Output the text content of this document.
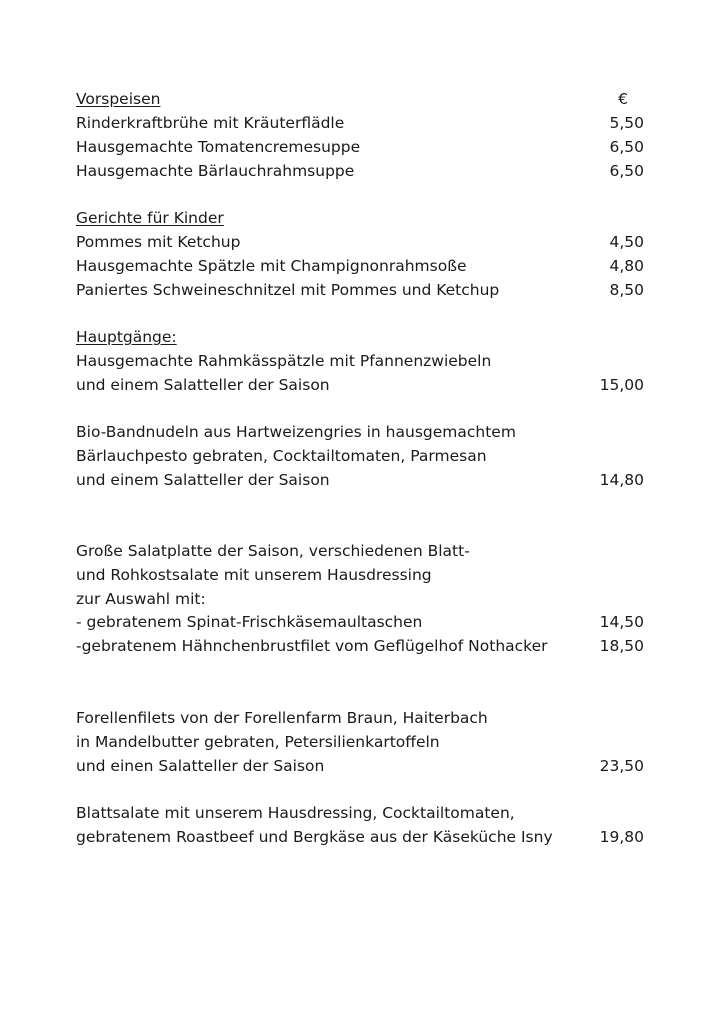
Vorspeisen	€
Rinderkraftbrühe mit Kräuterflädle	5,50
Hausgemachte Tomatencremesuppe	6,50
Hausgemachte Bärlauchrahmsuppe	6,50
Gerichte für Kinder
Pommes mit Ketchup	4,50
Hausgemachte Spätzle mit Champignonrahmsoße	4,80
Paniertes Schweineschnitzel mit Pommes und Ketchup	8,50
Hauptgänge:
Hausgemachte Rahmkässpätzle mit Pfannenzwiebeln
und einem Salatteller der Saison	15,00
Bio-Bandnudeln aus Hartweizengries in hausgemachtem
Bärlauchpesto gebraten, Cocktailtomaten, Parmesan
und einem Salatteller der Saison	14,80
Große Salatplatte der Saison, verschiedenen Blatt-
und Rohkostsalate mit unserem Hausdressing
zur Auswahl mit:
- gebratenem Spinat-Frischkäsemaultaschen	14,50
-gebratenem Hähnchenbrustfilet vom Geflügelhof Nothacker	18,50
Forellenfilets von der Forellenfarm Braun, Haiterbach
in Mandelbutter gebraten, Petersilienkartoffeln
und einen Salatteller der Saison	23,50
Blattsalate mit unserem Hausdressing, Cocktailtomaten,
gebratenem Roastbeef und Bergkäse aus der Käseküche Isny	19,80
